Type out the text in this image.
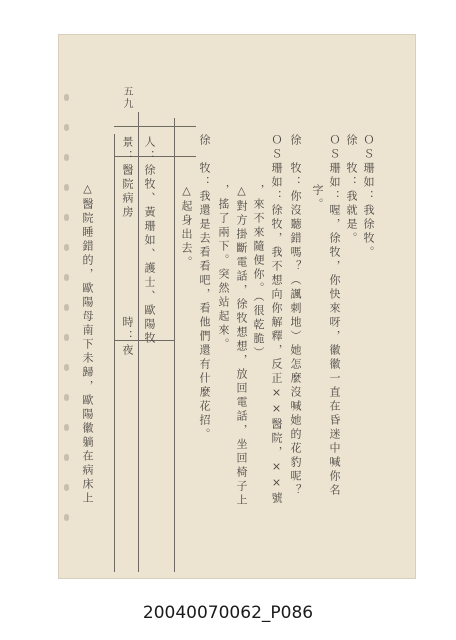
五九
景：醫院病房
時：夜 人：徐牧、黃珊如、護士、歐陽牧
△醫院睡錯的，歐陽母南下未歸，歐陽徽躺在病床上	ＯＳ珊如：我徐牧。
徐　牧：我就是。
ＯＳ珊如：喔，徐牧，你快來呀，徽徽一直在昏迷中喊你名
字。
徐　牧：你沒聽錯嗎？（諷刺地）她怎麼沒喊她的花豹呢？
ＯＳ珊如：徐牧，我不想向你解釋，反正××醫院，××號
，來不來隨便你。（很乾脆）
△對方掛斷電話，徐牧想想，放回電話，坐回椅子上
，搖了兩下。突然站起來。
徐　牧：我還是去看看吧，看他們還有什麼花招。
△起身出去。
20040070062_P086
